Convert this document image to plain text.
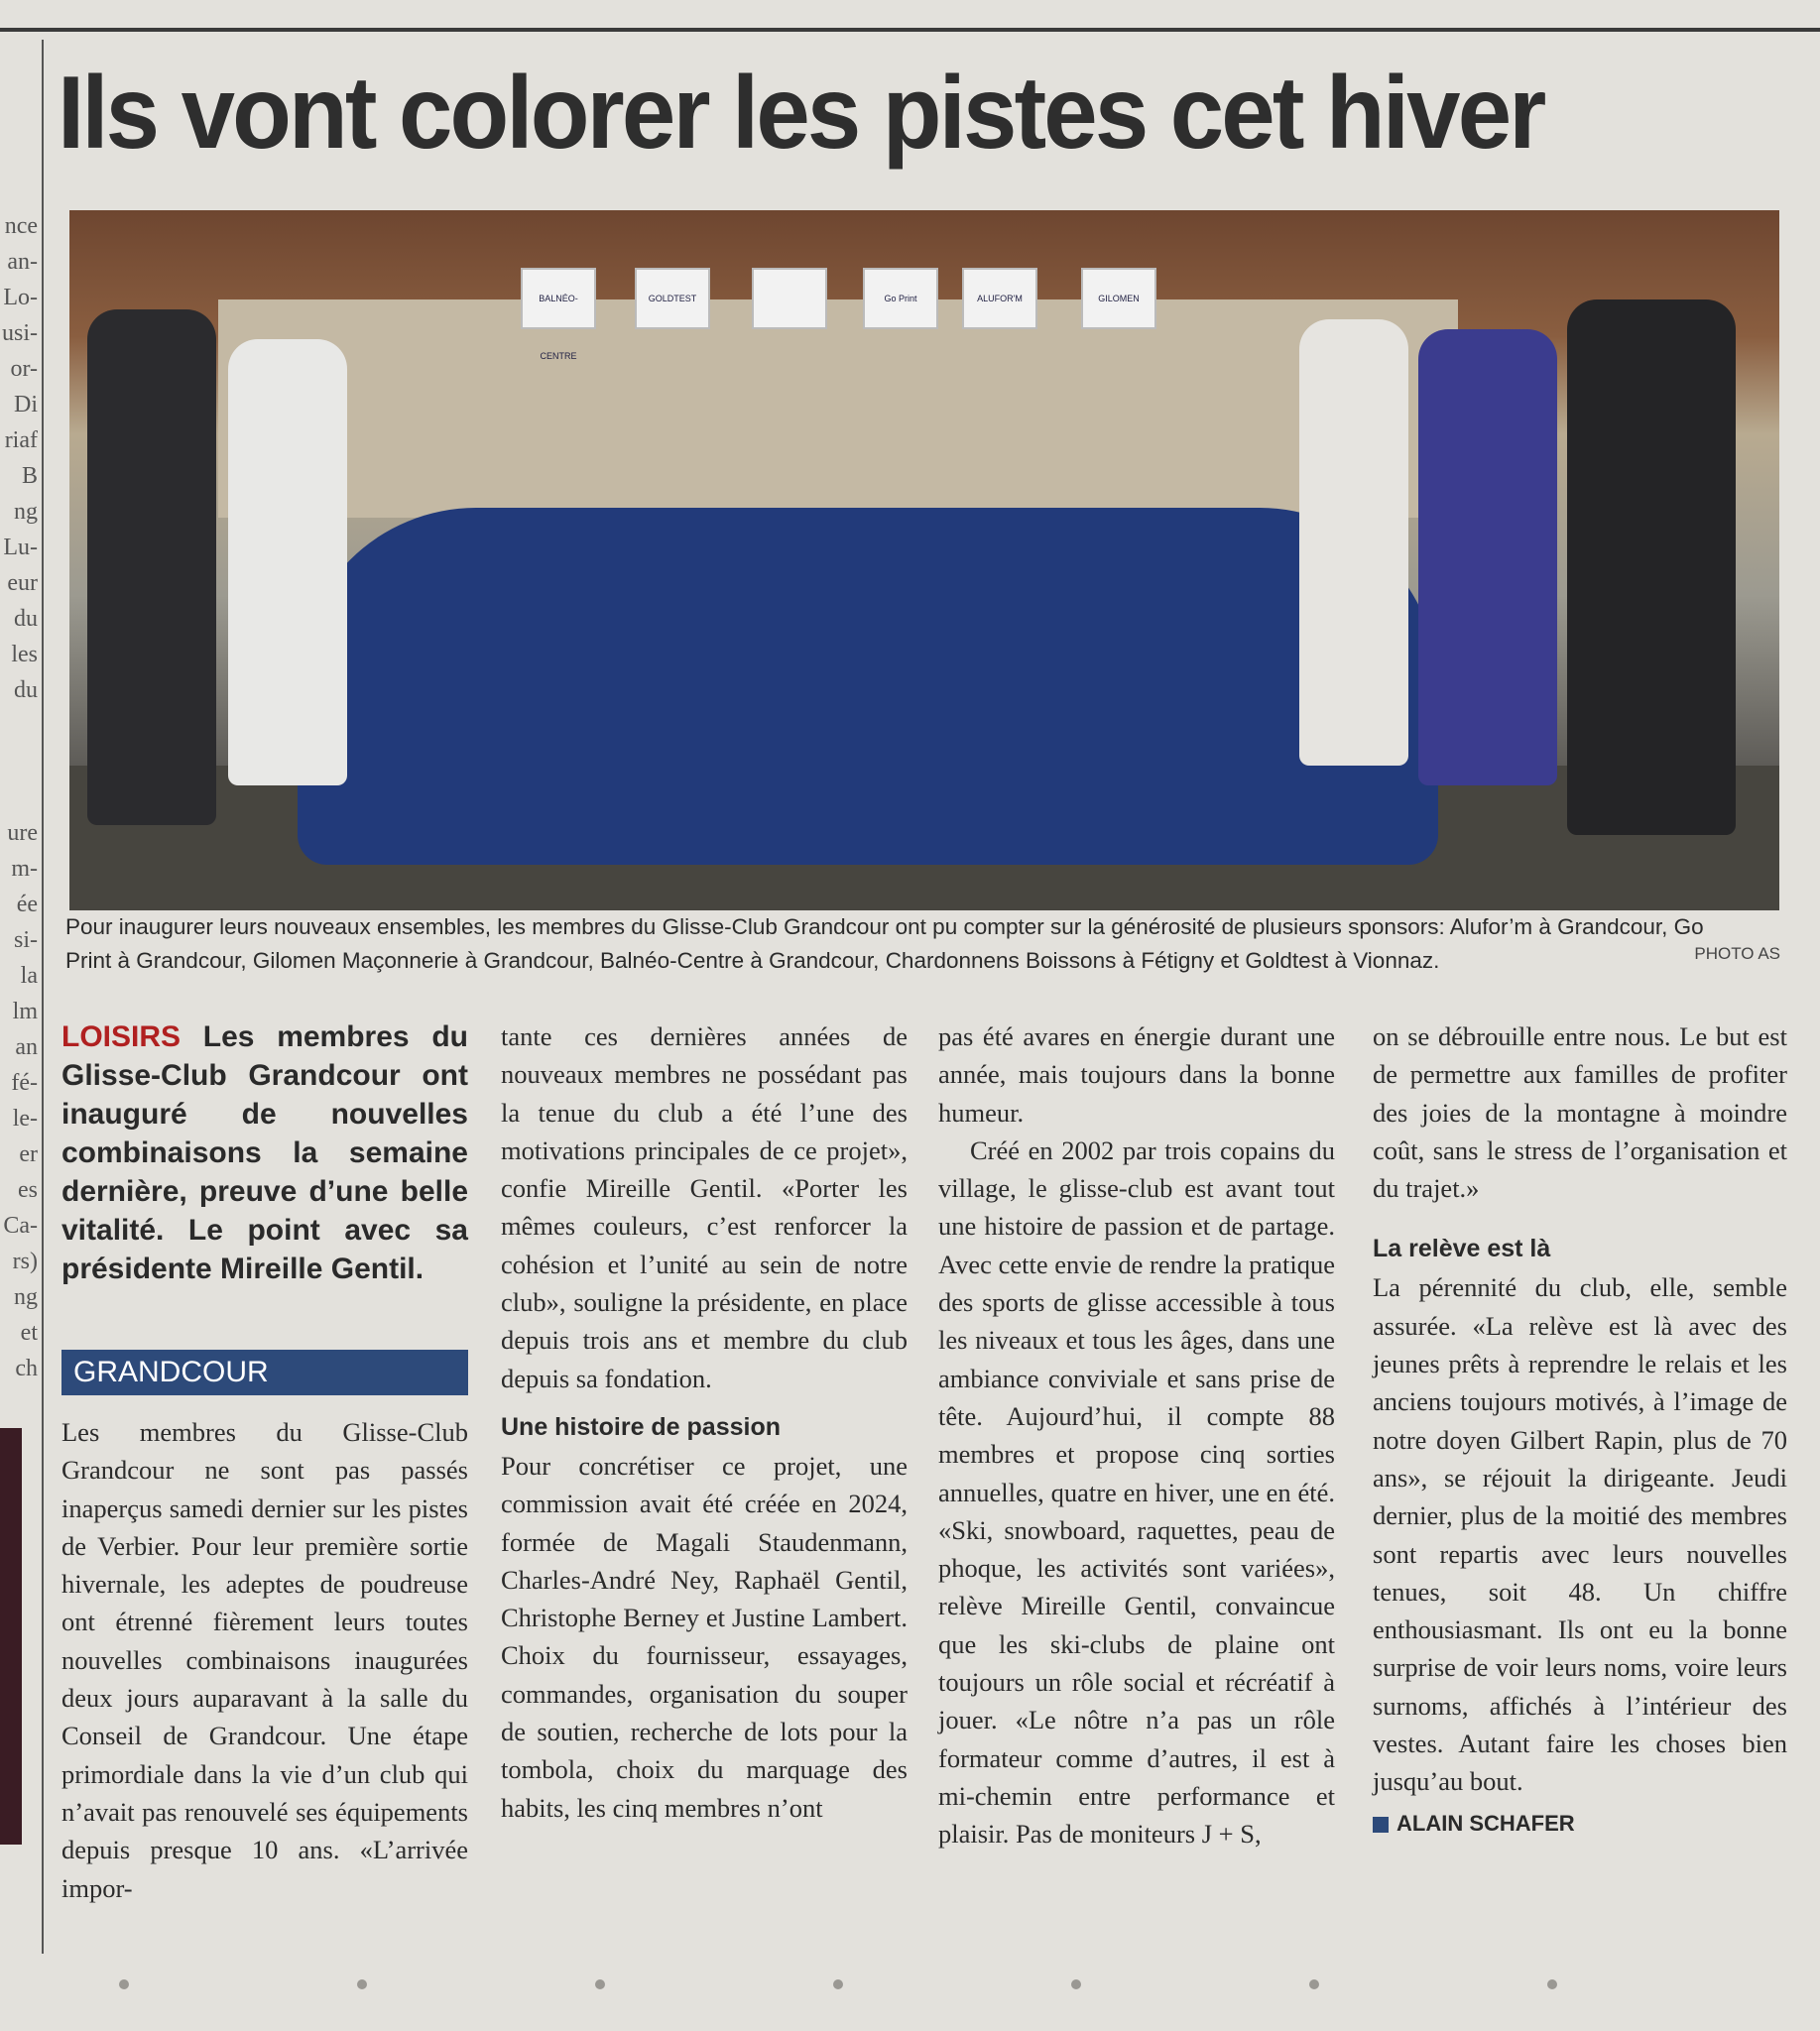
nce
an-
Lo-
usi-
or-
Di
riaf
B
ng
Lu-
eur
du
les
du
ure
m-
ée
si-
la
lm
an
fé-
le-
er
es
Ca-
rs)
ng
et
ch
Ils vont colorer les pistes cet hiver
BALNÉO-CENTRE
GOLDTEST	Go Print	ALUFOR'M	GILOMEN
Pour inaugurer leurs nouveaux ensembles, les membres du Glisse-Club Grandcour ont pu compter sur la générosité de plusieurs sponsors: Alufor’m à Grandcour, Go Print à Grandcour, Gilomen Maçonnerie à Grandcour, Balnéo-Centre à Grandcour, Chardonnens Boissons à Fétigny et Goldtest à Vionnaz.	PHOTO AS
LOISIRS Les membres du Glisse-Club Grandcour ont inauguré de nouvelles combinaisons la semaine dernière, preuve d’une belle vitalité. Le point avec sa présidente Mireille Gentil.
GRANDCOUR

Les membres du Glisse-Club Grandcour ne sont pas passés inaperçus samedi dernier sur les pistes de Verbier. Pour leur première sortie hivernale, les adeptes de poudreuse ont étrenné fièrement leurs toutes nouvelles combinaisons inaugurées deux jours auparavant à la salle du Conseil de Grandcour. Une étape primordiale dans la vie d’un club qui n’avait pas renouvelé ses équipements depuis presque 10 ans. «L’arrivée impor-

tante ces dernières années de nouveaux membres ne possédant pas la tenue du club a été l’une des motivations principales de ce projet», confie Mireille Gentil. «Porter les mêmes couleurs, c’est renforcer la cohésion et l’unité au sein de notre club», souligne la présidente, en place depuis trois ans et membre du club depuis sa fondation.

Une histoire de passion

Pour concrétiser ce projet, une commission avait été créée en 2024, formée de Magali Staudenmann, Charles-André Ney, Raphaël Gentil, Christophe Berney et Justine Lambert. Choix du fournisseur, essayages, commandes, organisation du souper de soutien, recherche de lots pour la tombola, choix du marquage des habits, les cinq membres n’ont

pas été avares en énergie durant une année, mais toujours dans la bonne humeur.

Créé en 2002 par trois copains du village, le glisse-club est avant tout une histoire de passion et de partage. Avec cette envie de rendre la pratique des sports de glisse accessible à tous les niveaux et tous les âges, dans une ambiance conviviale et sans prise de tête. Aujourd’hui, il compte 88 membres et propose cinq sorties annuelles, quatre en hiver, une en été. «Ski, snowboard, raquettes, peau de phoque, les activités sont variées», relève Mireille Gentil, convaincue que les ski-clubs de plaine ont toujours un rôle social et récréatif à jouer. «Le nôtre n’a pas un rôle formateur comme d’autres, il est à mi-chemin entre performance et plaisir. Pas de moniteurs J + S,

on se débrouille entre nous. Le but est de permettre aux familles de profiter des joies de la montagne à moindre coût, sans le stress de l’organisation et du trajet.»

La relève est là

La pérennité du club, elle, semble assurée. «La relève est là avec des jeunes prêts à reprendre le relais et les anciens toujours motivés, à l’image de notre doyen Gilbert Rapin, plus de 70 ans», se réjouit la dirigeante. Jeudi dernier, plus de la moitié des membres sont repartis avec leurs nouvelles tenues, soit 48. Un chiffre enthousiasmant. Ils ont eu la bonne surprise de voir leurs noms, voire leurs surnoms, affichés à l’intérieur des vestes. Autant faire les choses bien jusqu’au bout.

ALAIN SCHAFER
